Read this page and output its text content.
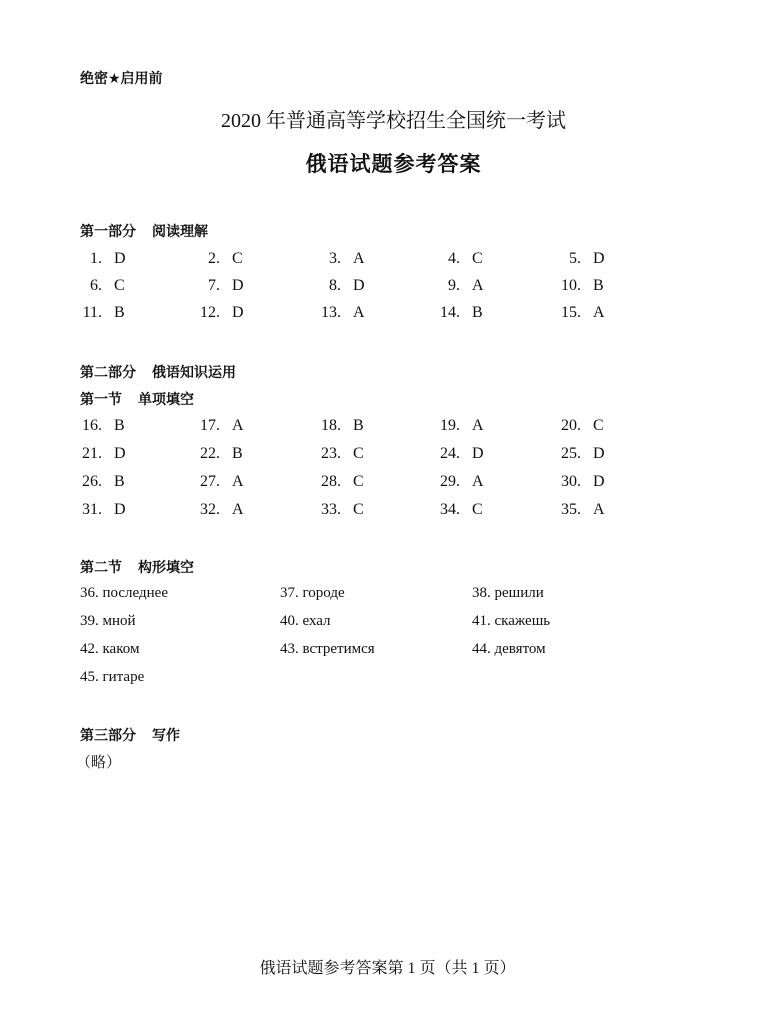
绝密★启用前
2020 年普通高等学校招生全国统一考试
俄语试题参考答案
第一部分 阅读理解
1. D	2. C	3. A	4. C	5. D
6. C	7. D	8. D	9. A	10. B
11. B	12. D	13. A	14. B	15. A
第二部分 俄语知识运用
第一节 单项填空
16. B	17. A	18. B	19. A	20. C
21. D	22. B	23. C	24. D	25. D
26. B	27. A	28. C	29. A	30. D
31. D	32. A	33. C	34. C	35. A
第二节 构形填空
36. последнее	37. городе	38. решили
39. мной	40. ехал	41. скажешь
42. каком	43. встретимся	44. девятом
45. гитаре
第三部分 写作
（略）
俄语试题参考答案第 1 页（共 1 页）
